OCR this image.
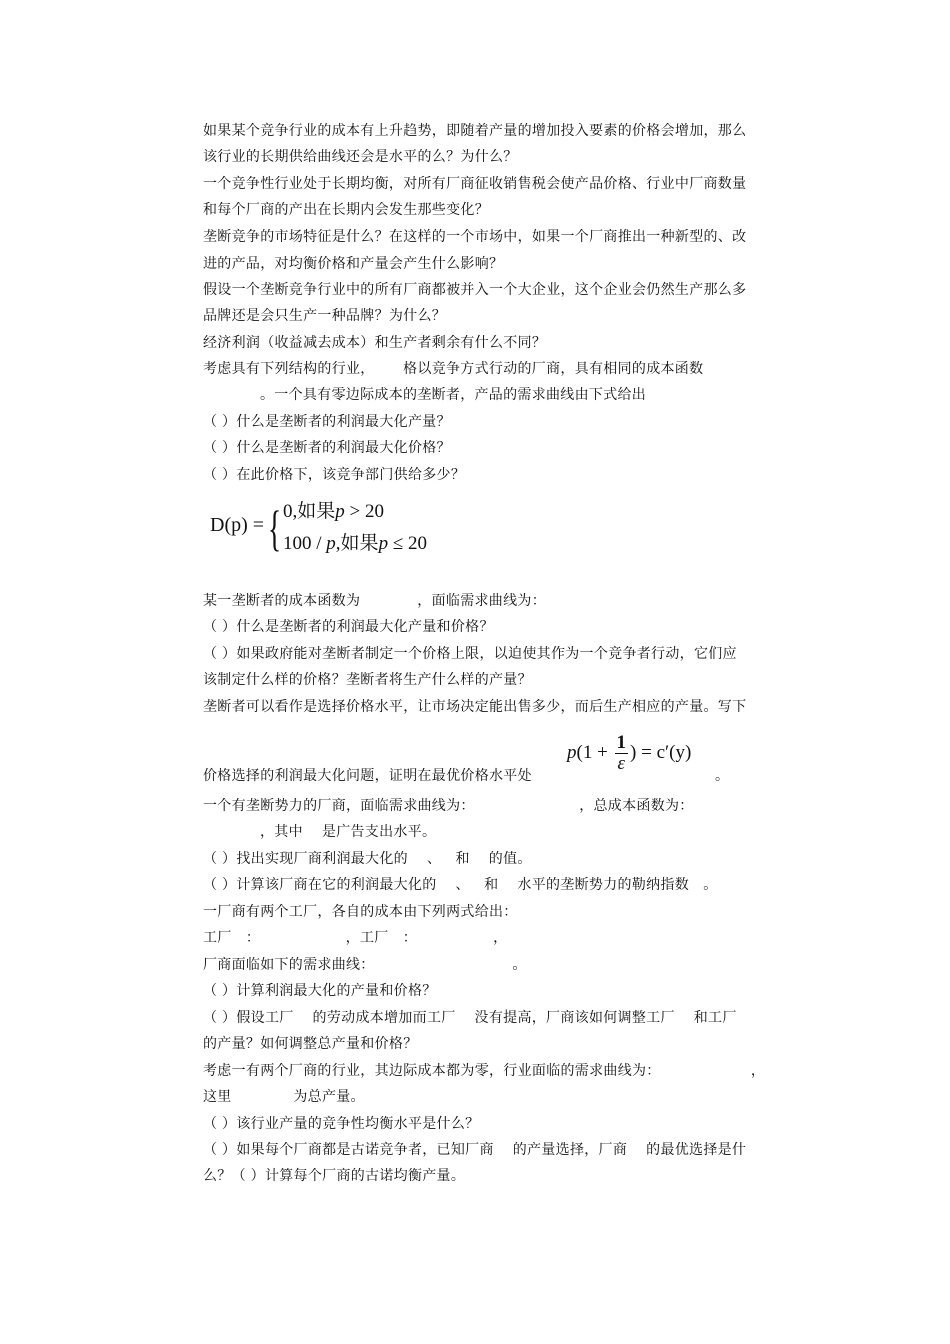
如果某个竞争行业的成本有上升趋势，即随着产量的增加投入要素的价格会增加，那么
该行业的长期供给曲线还会是水平的么？为什么？
一个竞争性行业处于长期均衡，对所有厂商征收销售税会使产品价格、行业中厂商数量
和每个厂商的产出在长期内会发生那些变化？
垄断竞争的市场特征是什么？在这样的一个市场中，如果一个厂商推出一种新型的、改
进的产品，对均衡价格和产量会产生什么影响？
假设一个垄断竞争行业中的所有厂商都被并入一个大企业，这个企业会仍然生产那么多
品牌还是会只生产一种品牌？为什么？
经济利润（收益减去成本）和生产者剩余有什么不同？
考虑具有下列结构的行业，      格以竞争方式行动的厂商，具有相同的成本函数
。一个具有零边际成本的垄断者，产品的需求曲线由下式给出
（ ）什么是垄断者的利润最大化产量？
（ ）什么是垄断者的利润最大化价格？
（ ）在此价格下，该竞争部门供给多少？
D(p) = { 0,如果p > 20
100 / p,如果p ≤ 20
某一垄断者的成本函数为            ，面临需求曲线为：
（ ）什么是垄断者的利润最大化产量和价格？
（ ）如果政府能对垄断者制定一个价格上限，以迫使其作为一个竞争者行动，它们应
该制定什么样的价格？垄断者将生产什么样的产量？
垄断者可以看作是选择价格水平，让市场决定能出售多少，而后生产相应的产量。写下
$p(1 + \frac{1}{\varepsilon}$ ) = c′(y)
价格选择的利润最大化问题，证明在最优价格水平处	。
一个有垄断势力的厂商，面临需求曲线为：                      ，总成本函数为：
，其中    是广告支出水平。
（ ）找出实现厂商利润最大化的    、   和    的值。
（ ）计算该厂商在它的利润最大化的    、   和    水平的垄断势力的勒纳指数   。
一厂商有两个工厂，各自的成本由下列两式给出：
工厂   ：                  ，工厂   ：                ，
厂商面临如下的需求曲线：                             。
（ ）计算利润最大化的产量和价格？
（ ）假设工厂    的劳动成本增加而工厂    没有提高，厂商该如何调整工厂    和工厂
的产量？如何调整总产量和价格？
考虑一有两个厂商的行业，其边际成本都为零，行业面临的需求曲线为：                   ，
这里             为总产量。
（ ）该行业产量的竞争性均衡水平是什么？
（ ）如果每个厂商都是古诺竞争者，已知厂商    的产量选择，厂商    的最优选择是什
么？（ ）计算每个厂商的古诺均衡产量。
